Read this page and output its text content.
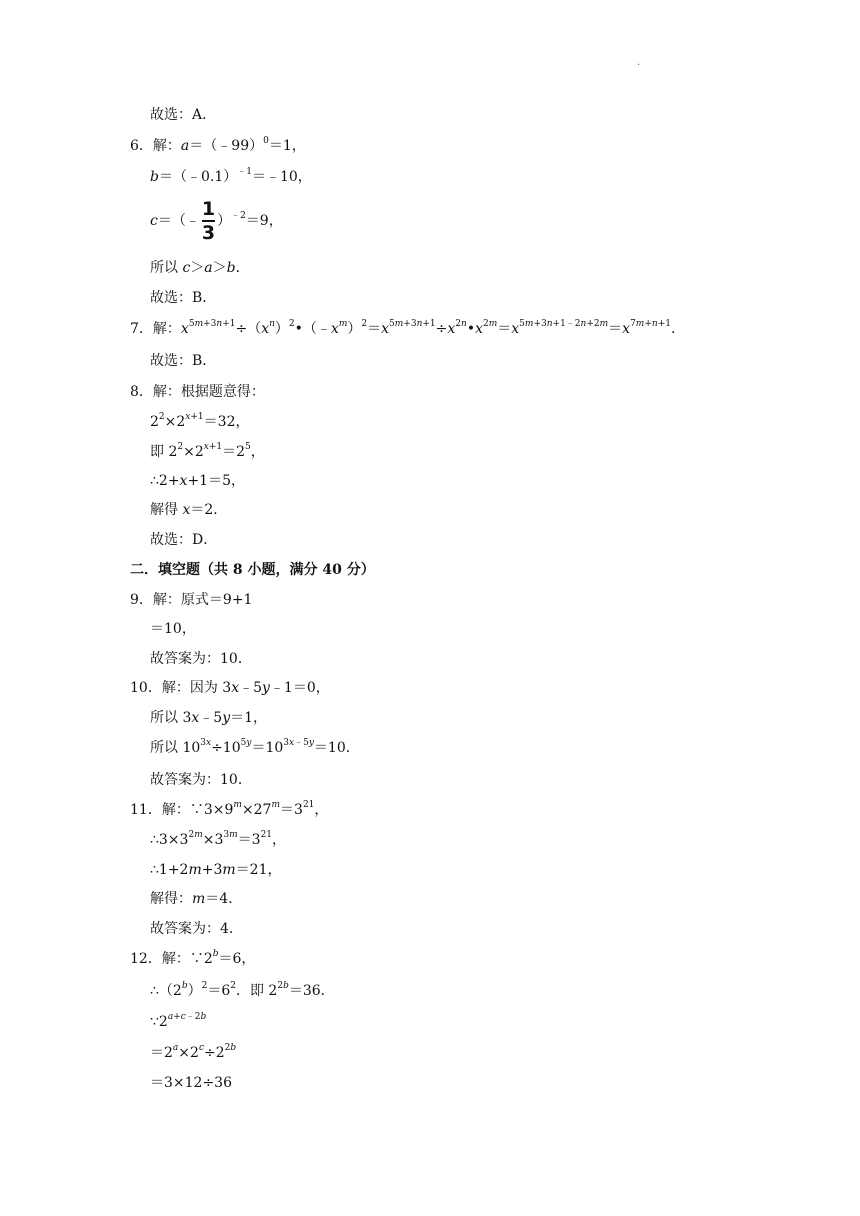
·
故选：A．
6．解：a＝（﹣99）$^0$＝1，
b＝（﹣0.1）$^{﹣1}$＝﹣10，
c＝（﹣ $\frac{1}{3} )^{﹣2}=9$，
所以 c＞a＞b．
故选：B．
7．解：$x^{5m+3n+1}\div(x^n)^2•(﹣x^m)^2=x^{5m+3n+1}\div x^{2n}•x^{2m}=x^{5m+3n+1﹣2n+2m}=x^{7m+n+1}$．
故选：B．
8．解：根据题意得：
$2^2\times 2^{x+1}=32$，
即 $2^2\times 2^{x+1}=2^5$，
∴2+x+1＝5，
解得 x＝2．
故选：D．
二．填空题（共 8 小题，满分 40 分）
9．解：原式＝9+1
＝10，
故答案为：10．
10．解：因为 3x﹣5y﹣1＝0，
所以 3x﹣5y＝1，
所以 $10^{3x}\div 10^{5y}=10^{3x﹣5y}=10$．
故答案为：10．
11．解：$\because 3\times 9^m\times 27^m=3^{21}$，
$\therefore 3\times 3^{2m}\times 3^{3m}=3^{21}$，
∴1+2m+3m＝21，
解得：m＝4．
故答案为：4．
12．解：$\because 2^b=6$，
$\therefore(2^b)^2=6^2$．即 $2^{2b}=36$．
$\because 2^{a+c﹣2b}$
$=2^a\times 2^c\div 2^{2b}$
＝3×12÷36
